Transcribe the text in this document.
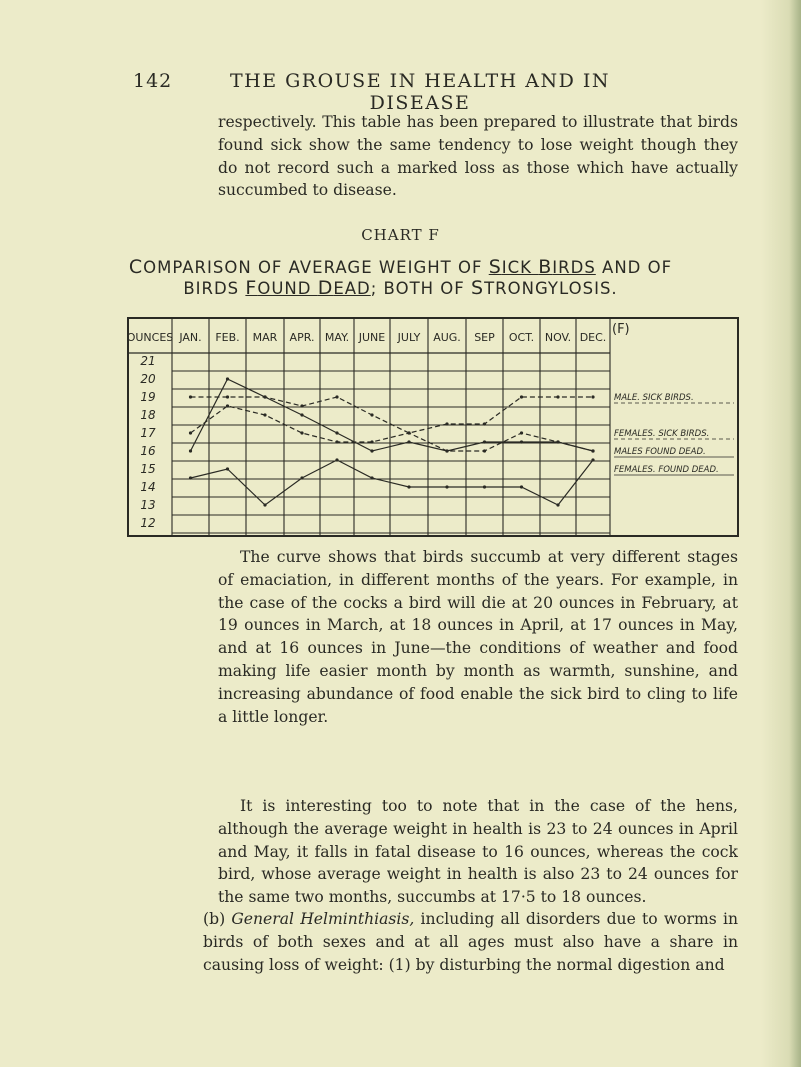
142	THE GROUSE IN HEALTH AND IN DISEASE
respectively. This table has been prepared to illustrate that birds found sick show the same tendency to lose weight though they do not record such a marked loss as those which have actually succumbed to disease.
CHART F
COMPARISON OF AVERAGE WEIGHT OF SICK BIRDS AND OF
BIRDS FOUND DEAD; BOTH OF STRONGYLOSIS.
OUNCES
(F)
JAN. FEB. MAR APR. MAY. JUNE JULY AUG. SEP OCT. NOV. DEC.
21
20
19
18
17
16
15
14
13
12
MALE. SICK BIRDS.
FEMALES. SICK BIRDS.
MALES FOUND DEAD.
FEMALES. FOUND DEAD.
The curve shows that birds succumb at very different stages of emaciation, in different months of the years. For example, in the case of the cocks a bird will die at 20 ounces in February, at 19 ounces in March, at 18 ounces in April, at 17 ounces in May, and at 16 ounces in June—the conditions of weather and food making life easier month by month as warmth, sunshine, and increasing abundance of food enable the sick bird to cling to life a little longer.
It is interesting too to note that in the case of the hens, although the average weight in health is 23 to 24 ounces in April and May, it falls in fatal disease to 16 ounces, whereas the cock bird, whose average weight in health is also 23 to 24 ounces for the same two months, succumbs at 17·5 to 18 ounces.
(b) General Helminthiasis, including all disorders due to worms in birds of both sexes and at all ages must also have a share in causing loss of weight: (1) by disturbing the normal digestion and
